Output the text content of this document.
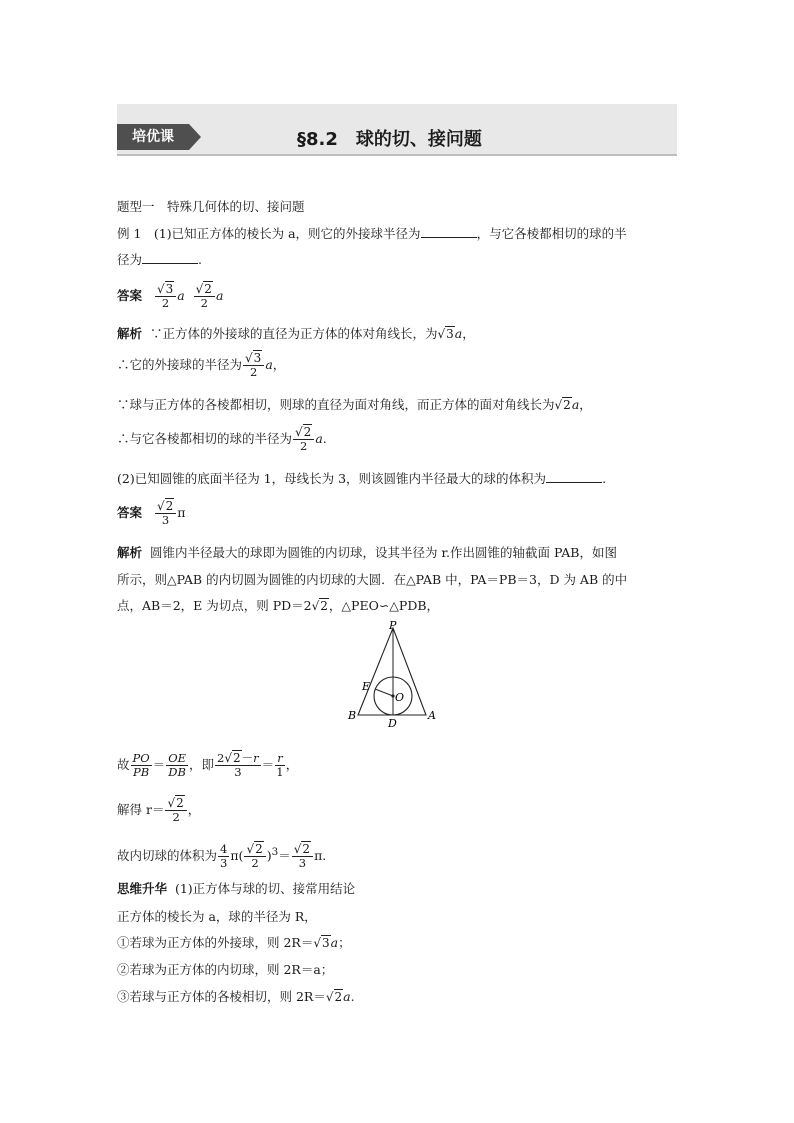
培优课	§8.2　球的切、接问题
题型一　特殊几何体的切、接问题
例 1　(1)已知正方体的棱长为 a，则它的外接球半径为	，与它各棱都相切的球的半
径为	.
答案 $\frac{√3}{2}$ a $\frac{√2}{2}$ a
解析 ∵正方体的外接球的直径为正方体的体对角线长，为√3a，
∴它的外接球的半径为 $\frac{√3}{2}$ a，
∵球与正方体的各棱都相切，则球的直径为面对角线，而正方体的面对角线长为√2a，
∴与它各棱都相切的球的半径为 $\frac{√2}{2} a$.
(2)已知圆锥的底面半径为 1，母线长为 3，则该圆锥内半径最大的球的体积为	.
答案 $\frac{√2}{3}$ π
解析 圆锥内半径最大的球即为圆锥的内切球，设其半径为 r.作出圆锥的轴截面 PAB，如图
所示，则△PAB 的内切圆为圆锥的内切球的大圆．在△PAB 中，PA＝PB＝3，D 为 AB 的中
点，AB＝2，E 为切点，则 PD＝2√2，△PEO∽△PDB，
P
E
O
B
D
A
故 $\frac{PO}{PB} = \frac{OE}{DB}$ ，即 $\frac{2√2-r}{3} = \frac{r}{1}$ ，
解得 $r= \frac{√2}{2}$ ，
故内切球的体积为 $\frac{4}{3} \pi( \frac{√2}{2} )^3= \frac{√2}{3} \pi$.
思维升华 (1)正方体与球的切、接常用结论
正方体的棱长为 a，球的半径为 R，
①若球为正方体的外接球，则 2R＝√3a；
②若球为正方体的内切球，则 2R＝a；
③若球与正方体的各棱相切，则 2R＝√2a.
